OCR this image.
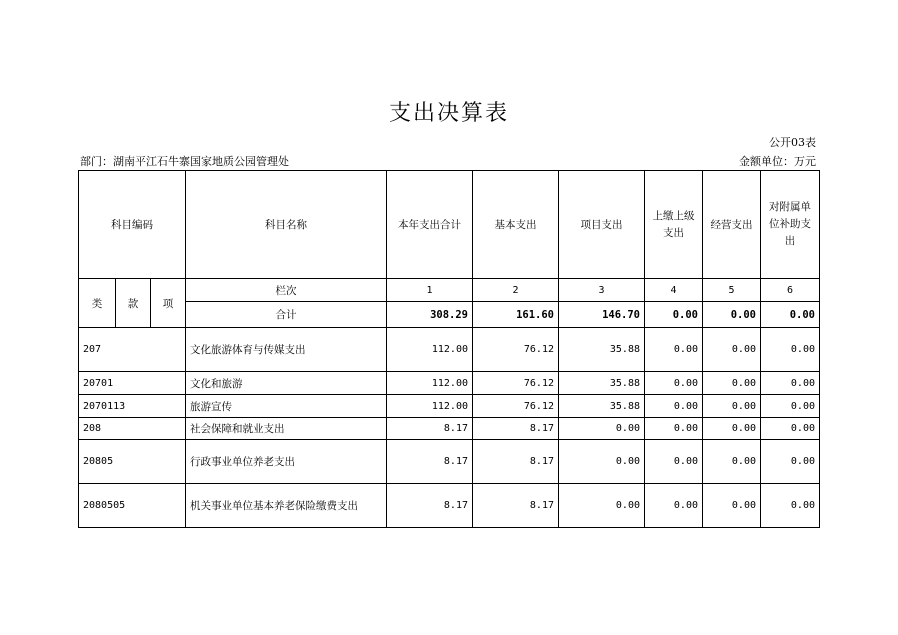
支出决算表
公开03表
部门：湖南平江石牛寨国家地质公园管理处	金额单位：万元
科目编码			科目名称	本年支出合计	基本支出	项目支出	上缴上级支出	经营支出	对附属单位补助支出
类	款	项	栏次	1	2	3	4	5	6
			合计	308.29	161.60	146.70	0.00	0.00	0.00
207			文化旅游体育与传媒支出	112.00	76.12	35.88	0.00	0.00	0.00
20701			文化和旅游	112.00	76.12	35.88	0.00	0.00	0.00
2070113			旅游宣传	112.00	76.12	35.88	0.00	0.00	0.00
208			社会保障和就业支出	8.17	8.17	0.00	0.00	0.00	0.00
20805			行政事业单位养老支出	8.17	8.17	0.00	0.00	0.00	0.00
2080505			机关事业单位基本养老保险缴费支出	8.17	8.17	0.00	0.00	0.00	0.00
